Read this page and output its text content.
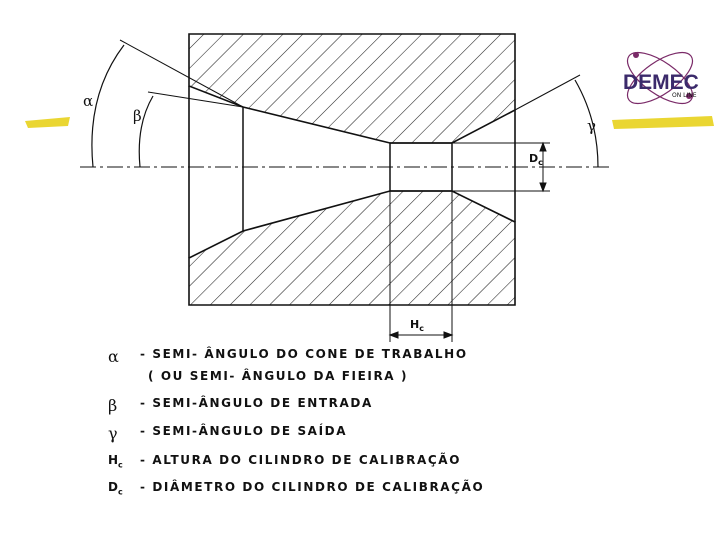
α
β
γ
$D_c$
$H_c$
DEMEC
ON LINE
α	- SEMI- ÂNGULO DO CONE DE TRABALHO
( OU SEMI- ÂNGULO DA FIEIRA )
β	- SEMI-ÂNGULO DE ENTRADA
γ	- SEMI-ÂNGULO DE SAÍDA
$H_c$	- ALTURA DO CILINDRO DE CALIBRAÇÃO
$D_c$	- DIÂMETRO DO CILINDRO DE CALIBRAÇÃO
